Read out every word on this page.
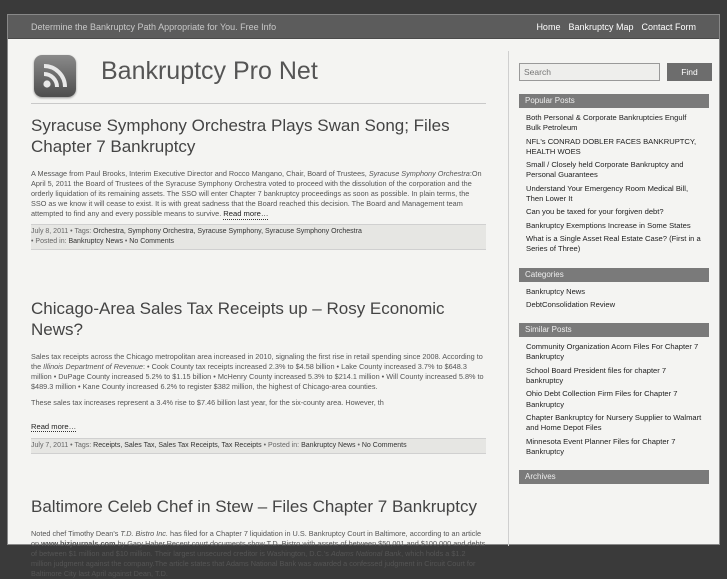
Determine the Bankruptcy Path Appropriate for You. Free Info	Home Bankruptcy Map Contact Form
Bankruptcy Pro Net
Syracuse Symphony Orchestra Plays Swan Song; Files Chapter 7 Bankruptcy

A Message from Paul Brooks, Interim Executive Director and Rocco Mangano, Chair, Board of Trustees, Syracuse Symphony Orchestra:On April 5, 2011 the Board of Trustees of the Syracuse Symphony Orchestra voted to proceed with the dissolution of the corporation and the orderly liquidation of its remaining assets. The SSO will enter Chapter 7 bankruptcy proceedings as soon as possible. In plain terms, the SSO as we know it will cease to exist. It is with great sadness that the Board reached this decision. The Board and Management team attempted to find any and every possible means to survive. Read more…

July 8, 2011 • Tags: Orchestra, Symphony Orchestra, Syracuse Symphony, Syracuse Symphony Orchestra
• Posted in: Bankruptcy News • No Comments
Chicago-Area Sales Tax Receipts up – Rosy Economic News?

Sales tax receipts across the Chicago metropolitan area increased in 2010, signaling the first rise in retail spending since 2008. According to the Illinois Department of Revenue: • Cook County tax receipts increased 2.3% to $4.58 billion • Lake County increased 3.7% to $648.3 million • DuPage County increased 5.2% to $1.15 billion • McHenry County increased 5.3% to $214.1 million • Will County increased 5.8% to $489.3 million • Kane County increased 6.2% to register $382 million, the highest of Chicago-area counties.

These sales tax increases represent a 3.4% rise to $7.46 billion last year, for the six-county area. However, th

Read more…
July 7, 2011 • Tags: Receipts, Sales Tax, Sales Tax Receipts, Tax Receipts • Posted in: Bankruptcy News • No Comments
Baltimore Celeb Chef in Stew – Files Chapter 7 Bankruptcy

Noted chef Timothy Dean's T.D. Bistro Inc. has filed for a Chapter 7 liquidation in U.S. Bankruptcy Court in Baltimore, according to an article on www.bizjournals.com by Gary Haber.Recent court documents show T.D. Bistro with assets of between $50,001 and $100,000 and debts of between $1 million and $10 million. Their largest unsecured creditor is Washington, D.C.'s Adams National Bank, which holds a $1.2 million judgment against the company.The article states that Adams National Bank was awarded a confessed judgment in Circuit Court for Baltimore City last April against Dean, T.D.

Search
Find
Popular Posts
Both Personal & Corporate Bankruptcies Engulf Bulk Petroleum
NFL's CONRAD DOBLER FACES BANKRUPTCY, HEALTH WOES
Small / Closely held Corporate Bankruptcy and Personal Guarantees
Understand Your Emergency Room Medical Bill, Then Lower It
Can you be taxed for your forgiven debt?
Bankruptcy Exemptions Increase in Some States
What is a Single Asset Real Estate Case? (First in a Series of Three)
Categories
Bankruptcy News
DebtConsolidation Review
Similar Posts
Community Organization Acorn Files For Chapter 7 Bankruptcy
School Board President files for chapter 7 bankruptcy
Ohio Debt Collection Firm Files for Chapter 7 Bankruptcy
Chapter Bankruptcy for Nursery Supplier to Walmart and Home Depot Files
Minnesota Event Planner Files for Chapter 7 Bankruptcy
Archives
